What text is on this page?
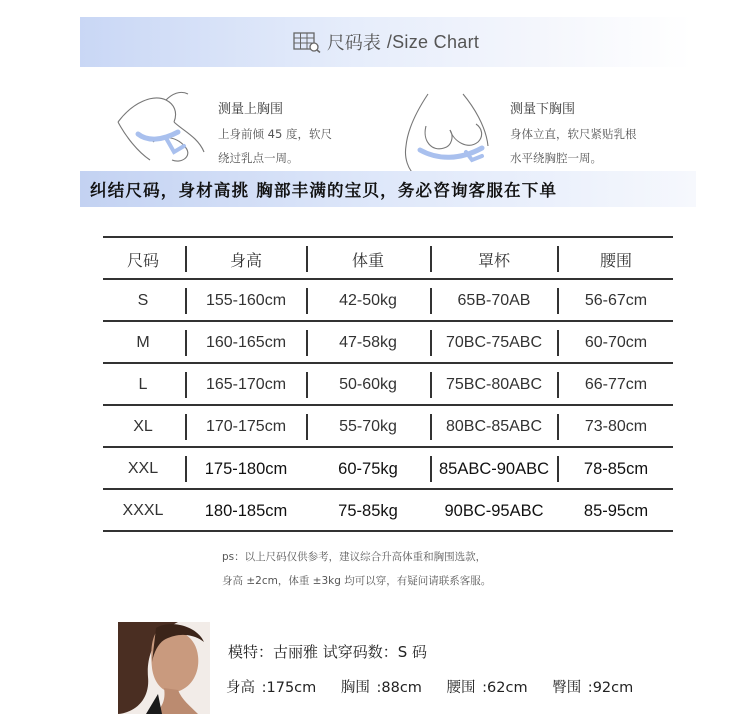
尺码表 /Size Chart
测量上胸围
上身前倾 45 度，软尺
绕过乳点一周。
测量下胸围
身体立直，软尺紧贴乳根
水平绕胸腔一周。
纠结尺码，身材高挑 胸部丰满的宝贝，务必咨询客服在下单
尺码	身高	体重	罩杯	腰围
S	155-160cm	42-50kg	65B-70AB	56-67cm
M	160-165cm	47-58kg	70BC-75ABC	60-70cm
L	165-170cm	50-60kg	75BC-80ABC	66-77cm
XL	170-175cm	55-70kg	80BC-85ABC	73-80cm
XXL	175-180cm	60-75kg	85ABC-90ABC	78-85cm
XXXL	180-185cm	75-85kg	90BC-95ABC	85-95cm
ps：以上尺码仅供参考，建议综合升高体重和胸围选款，
身高 ±2cm，体重 ±3kg 均可以穿，有疑问请联系客服。
模特：古丽雅 试穿码数：S 码
身高 :175cm 胸围 :88cm 腰围 :62cm 臀围 :92cm
